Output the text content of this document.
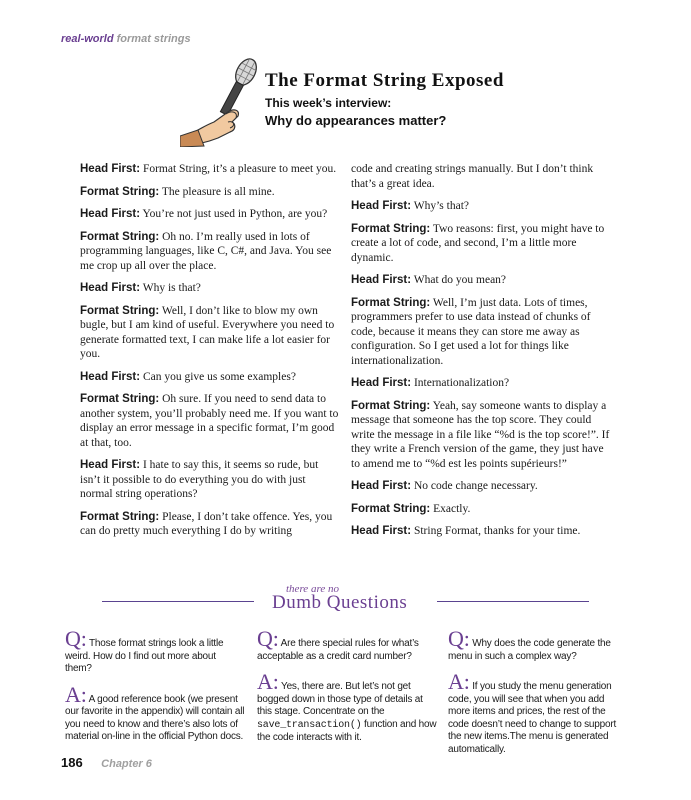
real-world format strings
The Format String Exposed
This week’s interview:
Why do appearances matter?

Head First: Format String, it’s a pleasure to meet you.

Format String: The pleasure is all mine.

Head First: You’re not just used in Python, are you?

Format String: Oh no. I’m really used in lots of programming languages, like C, C#, and Java. You see me crop up all over the place.

Head First: Why is that?

Format String: Well, I don’t like to blow my own bugle, but I am kind of useful. Everywhere you need to generate formatted text, I can make life a lot easier for you.

Head First: Can you give us some examples?

Format String: Oh sure. If you need to send data to another system, you’ll probably need me. If you want to display an error message in a specific format, I’m good at that, too.

Head First: I hate to say this, it seems so rude, but isn’t it possible to do everything you do with just normal string operations?

Format String: Please, I don’t take offence. Yes, you can do pretty much everything I do by writing

code and creating strings manually. But I don’t think that’s a great idea.

Head First: Why’s that?

Format String: Two reasons: first, you might have to create a lot of code, and second, I’m a little more dynamic.

Head First: What do you mean?

Format String: Well, I’m just data. Lots of times, programmers prefer to use data instead of chunks of code, because it means they can store me away as configuration. So I get used a lot for things like internationalization.

Head First: Internationalization?

Format String: Yeah, say someone wants to display a message that someone has the top score. They could write the message in a file like “%d is the top score!”. If they write a French version of the game, they just have to amend me to “%d est les points supérieurs!”

Head First: No code change necessary.

Format String: Exactly.

Head First: String Format, thanks for your time.

there are no
Dumb Questions
Q: Those format strings look a little weird. How do I find out more about them?
A: A good reference book (we present our favorite in the appendix) will contain all you need to know and there’s also lots of material on-line in the official Python docs.
Q: Are there special rules for what’s acceptable as a credit card number?
A: Yes, there are. But let’s not get bogged down in those type of details at this stage. Concentrate on the save_transaction() function and how the code interacts with it.
Q: Why does the code generate the menu in such a complex way?
A: If you study the menu generation code, you will see that when you add more items and prices, the rest of the code doesn’t need to change to support the new items.The menu is generated automatically.
186 Chapter 6
